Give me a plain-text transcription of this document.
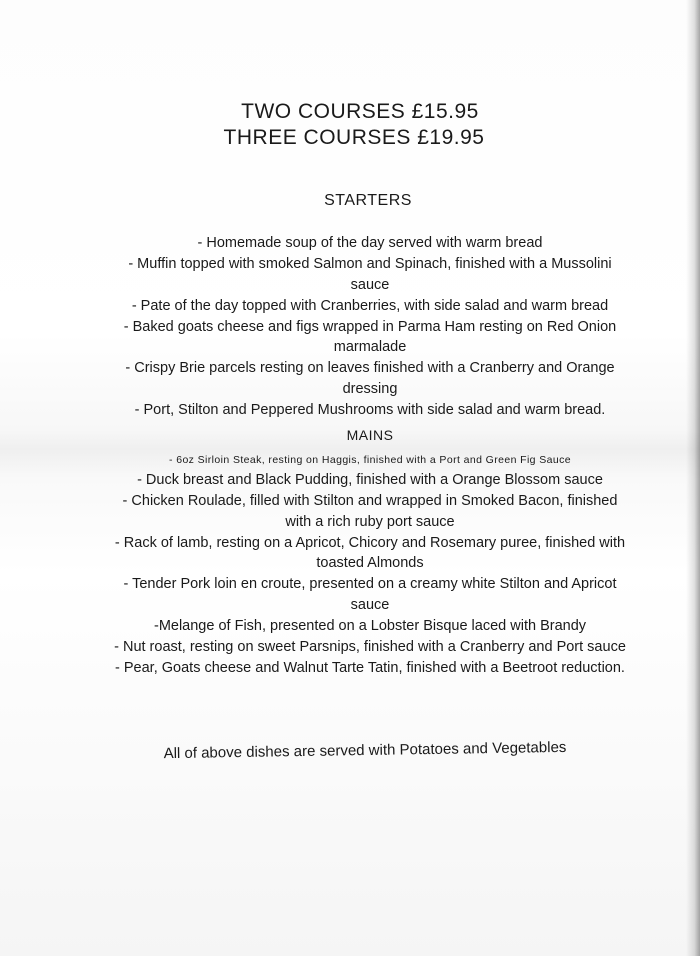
TWO COURSES £15.95

THREE COURSES £19.95

STARTERS
- Homemade soup of the day served with warm bread
- Muffin topped with smoked Salmon and Spinach, finished with a Mussolini sauce
- Pate of the day topped with Cranberries, with side salad and warm bread
- Baked goats cheese and figs wrapped in Parma Ham resting on Red Onion marmalade
- Crispy Brie parcels resting on leaves finished with a Cranberry and Orange dressing
- Port, Stilton and Peppered Mushrooms with side salad and warm bread.
MAINS
- 6oz Sirloin Steak, resting on Haggis, finished with a Port and Green Fig Sauce
- Duck breast and Black Pudding, finished with a Orange Blossom sauce
- Chicken Roulade, filled with Stilton and wrapped in Smoked Bacon, finished with a rich ruby port sauce
- Rack of lamb, resting on a Apricot, Chicory and Rosemary puree, finished with toasted Almonds
- Tender Pork loin en croute, presented on a creamy white Stilton and Apricot sauce
-Melange of Fish, presented on a Lobster Bisque laced with Brandy
- Nut roast, resting on sweet Parsnips, finished with a Cranberry and Port sauce
- Pear, Goats cheese and Walnut Tarte Tatin, finished with a Beetroot reduction.
All of above dishes are served with Potatoes and Vegetables
